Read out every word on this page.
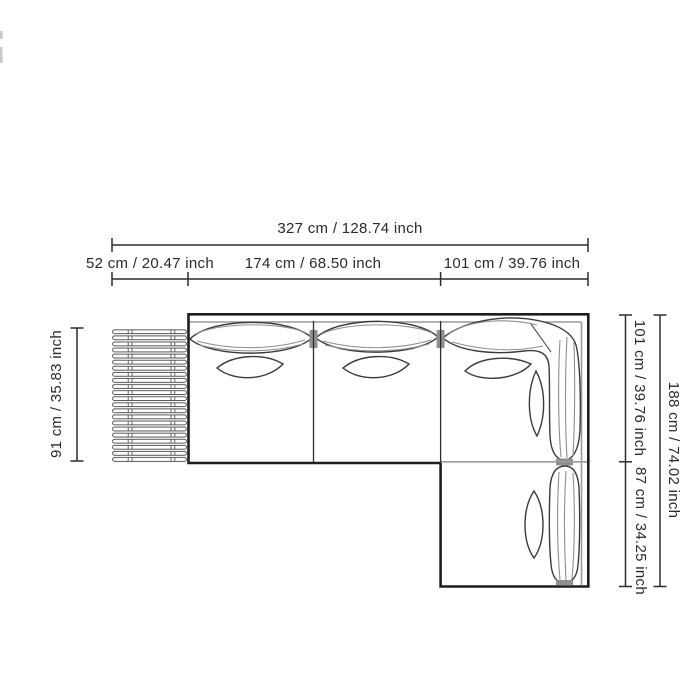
327 cm / 128.74 inch
52 cm / 20.47 inch	174 cm / 68.50 inch	101 cm / 39.76 inch
91 cm / 35.83 inch	101 cm / 39.76 inch
87 cm / 34.25 inch
188 cm / 74.02 inch
